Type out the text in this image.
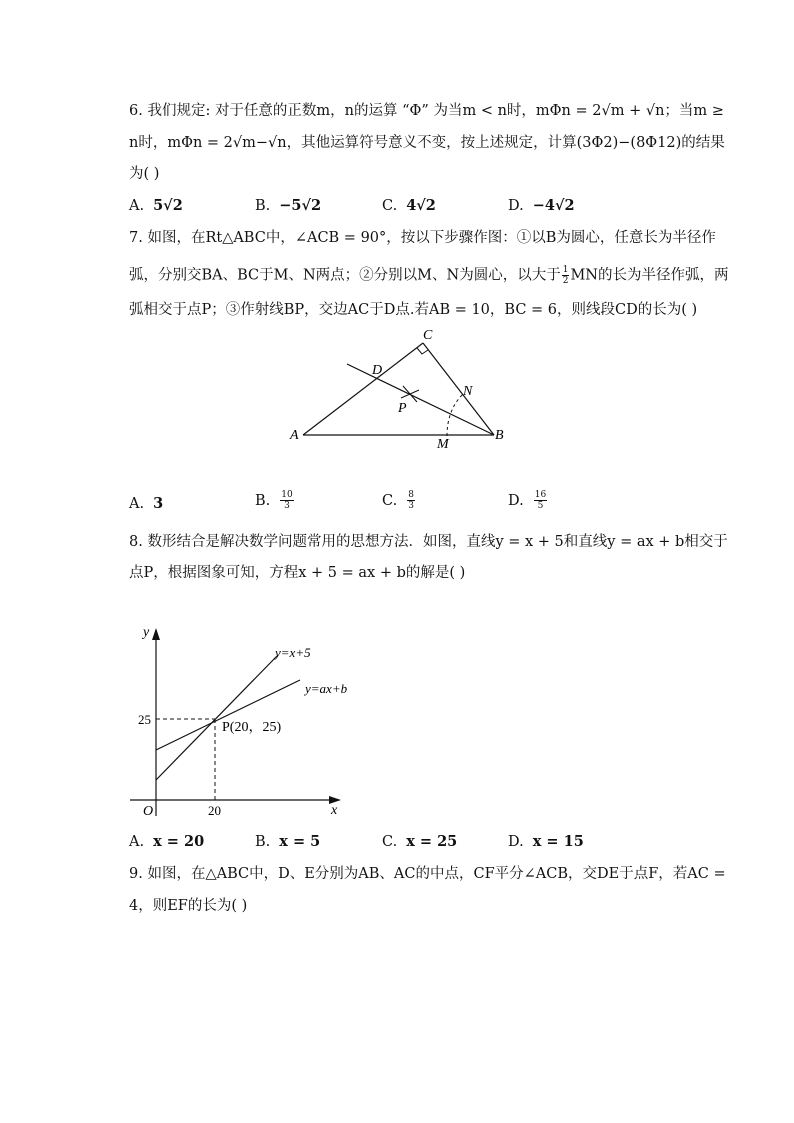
6. 我们规定: 对于任意的正数m，n的运算 “Φ” 为当m < n时，mΦn = 2√m + √n；当m ≥
n时，mΦn = 2√m−√n，其他运算符号意义不变，按上述规定，计算(3Φ2)−(8Φ12)的结果
为( )
A. 5√2	B. −5√2	C. 4√2	D. −4√2
7. 如图，在Rt△ABC中，∠ACB = 90°，按以下步骤作图：①以B为圆心，任意长为半径作
弧，分别交BA、BC于M、N两点；②分别以M、N为圆心，以大于 $\frac{1}{2}$ MN的长为半径作弧，两
弧相交于点P；③作射线BP，交边AC于D点.若AB = 10，BC = 6，则线段CD的长为( )
C
D
N
P
A	B
M
A. 3	B. $\frac{10}{3}$	C. $\frac{8}{3}$	D. $\frac{16}{5}$
8. 数形结合是解决数学问题常用的思想方法．如图，直线y = x + 5和直线y = ax + b相交于
点P，根据图象可知，方程x + 5 = ax + b的解是( )
y
x
O
25
20
y=x+5
y=ax+b
P(20，25)
A. x = 20	B. x = 5	C. x = 25	D. x = 15
9. 如图，在△ABC中，D、E分别为AB、AC的中点，CF平分∠ACB，交DE于点F，若AC =
4，则EF的长为( )
